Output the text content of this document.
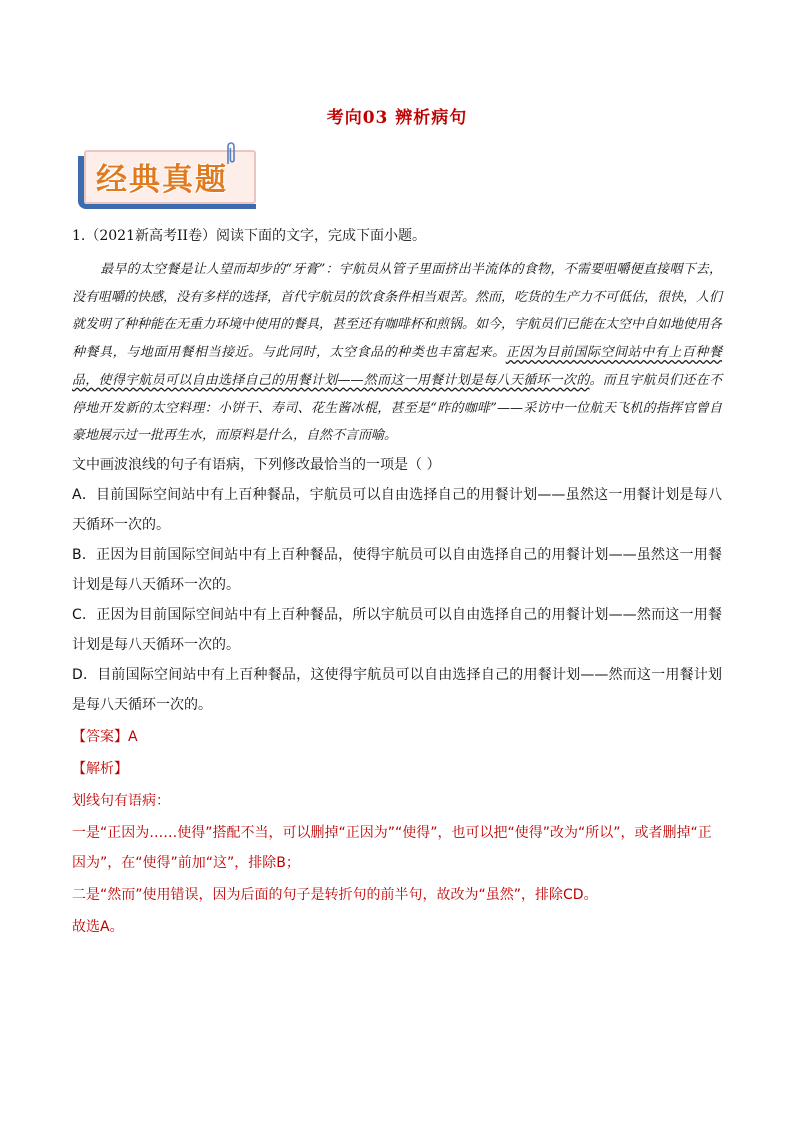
考向03 辨析病句
经典真题

1.（2021新高考II卷）阅读下面的文字，完成下面小题。

最早的太空餐是让人望而却步的“牙膏”：宇航员从管子里面挤出半流体的食物，不需要咀嚼便直接咽下去，没有咀嚼的快感，没有多样的选择，首代宇航员的饮食条件相当艰苦。然而，吃货的生产力不可低估，很快，人们就发明了种种能在无重力环境中使用的餐具，甚至还有咖啡杯和煎锅。如今，宇航员们已能在太空中自如地使用各种餐具，与地面用餐相当接近。与此同时，太空食品的种类也丰富起来。正因为目前国际空间站中有上百种餐品，使得宇航员可以自由选择自己的用餐计划——然而这一用餐计划是每八天循环一次的。而且宇航员们还在不停地开发新的太空料理：小饼干、寿司、花生酱冰棍，甚至是“昨的咖啡”——采访中一位航天飞机的指挥官曾自豪地展示过一批再生水，而原料是什么，自然不言而喻。

文中画波浪线的句子有语病，下列修改最恰当的一项是（ ）

A．目前国际空间站中有上百种餐品，宇航员可以自由选择自己的用餐计划——虽然这一用餐计划是每八天循环一次的。

B．正因为目前国际空间站中有上百种餐品，使得宇航员可以自由选择自己的用餐计划——虽然这一用餐计划是每八天循环一次的。

C．正因为目前国际空间站中有上百种餐品，所以宇航员可以自由选择自己的用餐计划——然而这一用餐计划是每八天循环一次的。

D．目前国际空间站中有上百种餐品，这使得宇航员可以自由选择自己的用餐计划——然而这一用餐计划是每八天循环一次的。

【答案】A

【解析】

划线句有语病：

一是“正因为……使得”搭配不当，可以删掉“正因为”“使得”，也可以把“使得”改为“所以”，或者删掉“正因为”，在“使得”前加“这”，排除B；

二是“然而”使用错误，因为后面的句子是转折句的前半句，故改为“虽然”，排除CD。

故选A。
